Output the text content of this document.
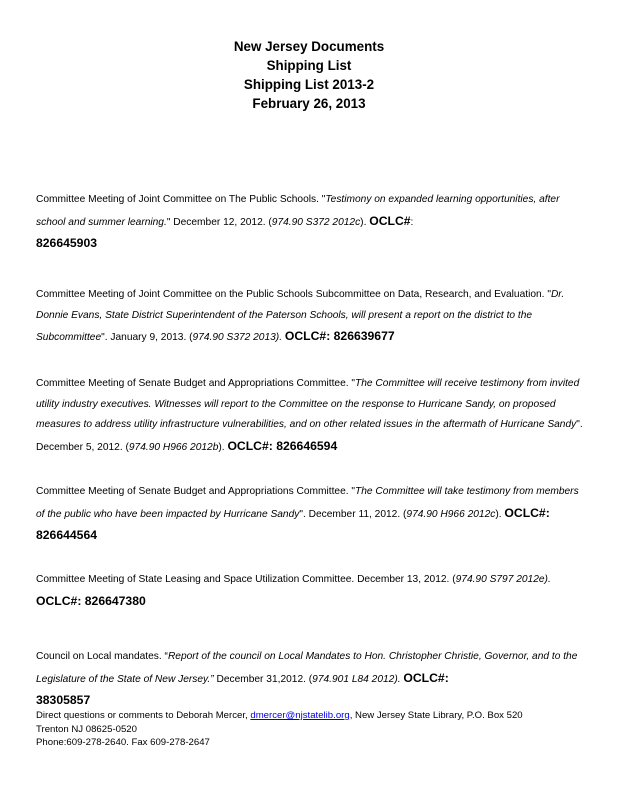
New Jersey Documents
Shipping List
Shipping List 2013-2
February 26, 2013
Committee Meeting of Joint Committee on The Public Schools. "Testimony on expanded learning opportunities, after school and summer learning." December 12, 2012. (974.90 S372 2012c). OCLC#:
826645903
Committee Meeting of Joint Committee on the Public Schools Subcommittee on Data, Research, and Evaluation. "Dr. Donnie Evans, State District Superintendent of the Paterson Schools, will present a report on the district to the Subcommittee". January 9, 2013. (974.90 S372 2013). OCLC#: 826639677
Committee Meeting of Senate Budget and Appropriations Committee. "The Committee will receive testimony from invited utility industry executives. Witnesses will report to the Committee on the response to Hurricane Sandy, on proposed measures to address utility infrastructure vulnerabilities, and on other related issues in the aftermath of Hurricane Sandy". December 5, 2012. (974.90 H966 2012b). OCLC#: 826646594
Committee Meeting of Senate Budget and Appropriations Committee. "The Committee will take testimony from members of the public who have been impacted by Hurricane Sandy". December 11, 2012. (974.90 H966 2012c). OCLC#: 826644564
Committee Meeting of State Leasing and Space Utilization Committee. December 13, 2012. (974.90 S797 2012e). OCLC#: 826647380
Council on Local mandates. “Report of the council on Local Mandates to Hon. Christopher Christie, Governor, and to the Legislature of the State of New Jersey.” December 31,2012. (974.901 L84 2012). OCLC#:
38305857
Direct questions or comments to Deborah Mercer, dmercer@njstatelib.org, New Jersey State Library, P.O. Box 520
Trenton NJ 08625-0520
Phone:609-278-2640. Fax 609-278-2647
